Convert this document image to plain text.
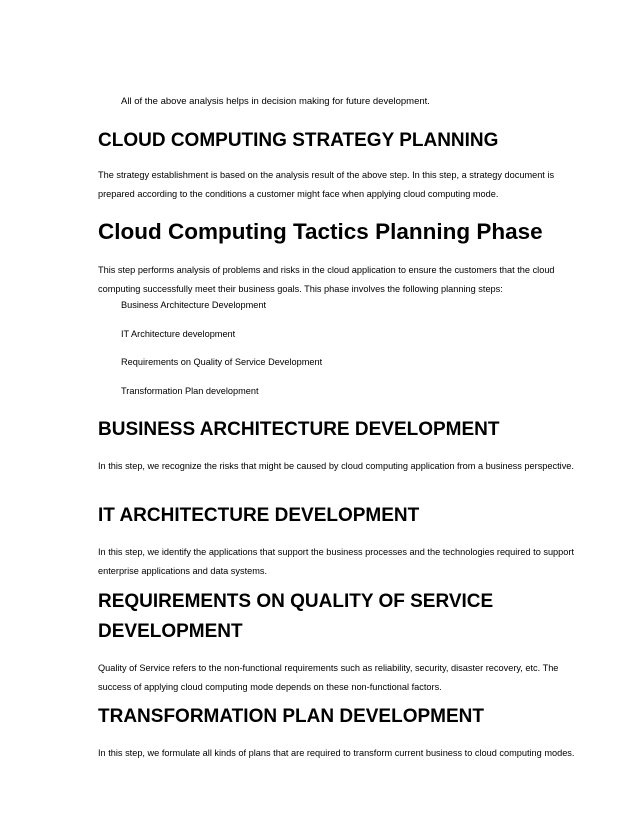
All of the above analysis helps in decision making for future development.

CLOUD COMPUTING STRATEGY PLANNING

The strategy establishment is based on the analysis result of the above step. In this step, a strategy document is prepared according to the conditions a customer might face when applying cloud computing mode.

Cloud Computing Tactics Planning Phase

This step performs analysis of problems and risks in the cloud application to ensure the customers that the cloud computing successfully meet their business goals. This phase involves the following planning steps:

Business Architecture Development
IT Architecture development
Requirements on Quality of Service Development
Transformation Plan development
BUSINESS ARCHITECTURE DEVELOPMENT

In this step, we recognize the risks that might be caused by cloud computing application from a business perspective.

IT ARCHITECTURE DEVELOPMENT

In this step, we identify the applications that support the business processes and the technologies required to support enterprise applications and data systems.

REQUIREMENTS ON QUALITY OF SERVICE
DEVELOPMENT

Quality of Service refers to the non-functional requirements such as reliability, security, disaster recovery, etc. The success of applying cloud computing mode depends on these non-functional factors.

TRANSFORMATION PLAN DEVELOPMENT

In this step, we formulate all kinds of plans that are required to transform current business to cloud computing modes.
